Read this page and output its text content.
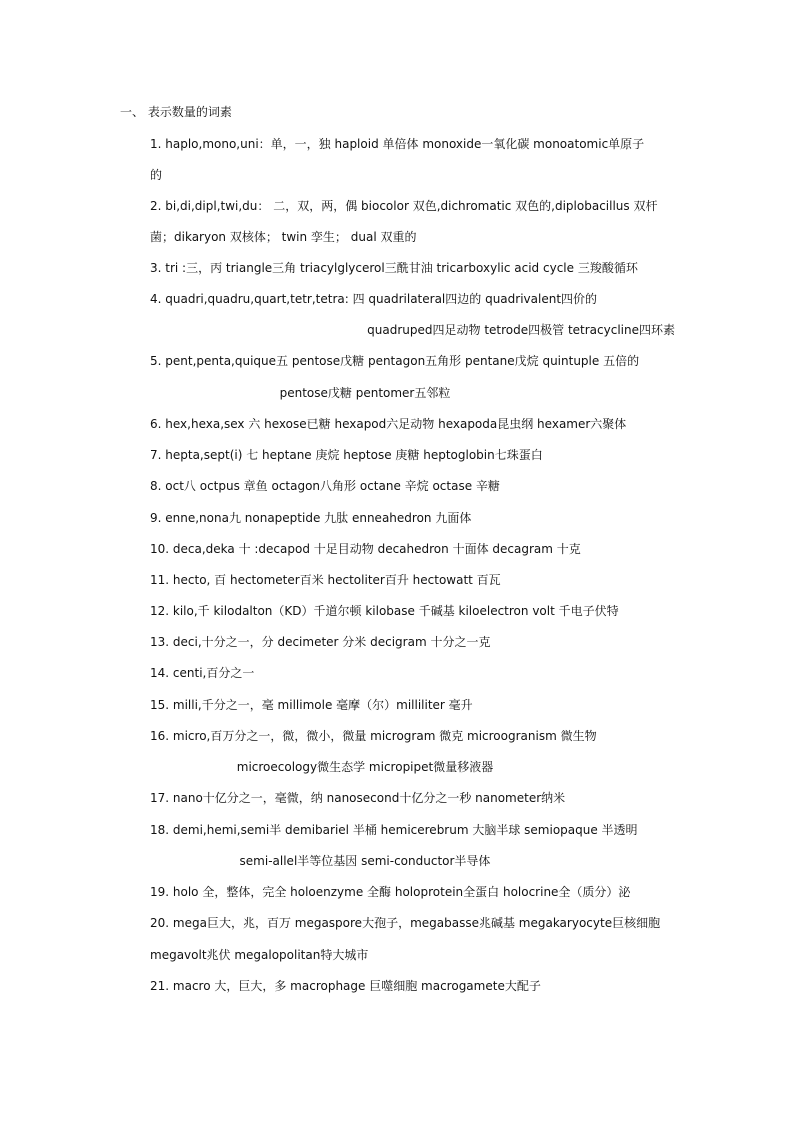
一、 表示数量的词素
1. haplo,mono,uni：单，一，独 haploid 单倍体 monoxide一氧化碳 monoatomic单原子
的
2. bi,di,dipl,twi,du： 二，双，两，偶 biocolor 双色,dichromatic 双色的,diplobacillus 双杆
菌；dikaryon 双核体； twin 孪生； dual 双重的
3. tri :三，丙 triangle三角 triacylglycerol三酰甘油 tricarboxylic acid cycle 三羧酸循环
4. quadri,quadru,quart,tetr,tetra: 四 quadrilateral四边的 quadrivalent四价的
quadruped四足动物 tetrode四极管 tetracycline四环素
5. pent,penta,quique五 pentose戊糖 pentagon五角形 pentane戊烷 quintuple 五倍的
pentose戊糖 pentomer五邻粒
6. hex,hexa,sex 六 hexose已糖 hexapod六足动物 hexapoda昆虫纲 hexamer六聚体
7. hepta,sept(i) 七 heptane 庚烷 heptose 庚糖 heptoglobin七珠蛋白
8. oct八 octpus 章鱼 octagon八角形 octane 辛烷 octase 辛糖
9. enne,nona九 nonapeptide 九肽 enneahedron 九面体
10. deca,deka 十 :decapod 十足目动物 decahedron 十面体 decagram 十克
11. hecto, 百 hectometer百米 hectoliter百升 hectowatt 百瓦
12. kilo,千 kilodalton（KD）千道尔顿 kilobase 千碱基 kiloelectron volt 千电子伏特
13. deci,十分之一，分 decimeter 分米 decigram 十分之一克
14. centi,百分之一
15. milli,千分之一，毫 millimole 毫摩（尔）milliliter 毫升
16. micro,百万分之一，微，微小，微量 microgram 微克 microogranism 微生物
microecology微生态学 micropipet微量移液器
17. nano十亿分之一，毫微，纳 nanosecond十亿分之一秒 nanometer纳米
18. demi,hemi,semi半 demibariel 半桶 hemicerebrum 大脑半球 semiopaque 半透明
semi-allel半等位基因 semi-conductor半导体
19. holo 全，整体，完全 holoenzyme 全酶 holoprotein全蛋白 holocrine全（质分）泌
20. mega巨大，兆，百万 megaspore大孢子，megabasse兆碱基 megakaryocyte巨核细胞
megavolt兆伏 megalopolitan特大城市
21. macro 大，巨大，多 macrophage 巨噬细胞 macrogamete大配子
